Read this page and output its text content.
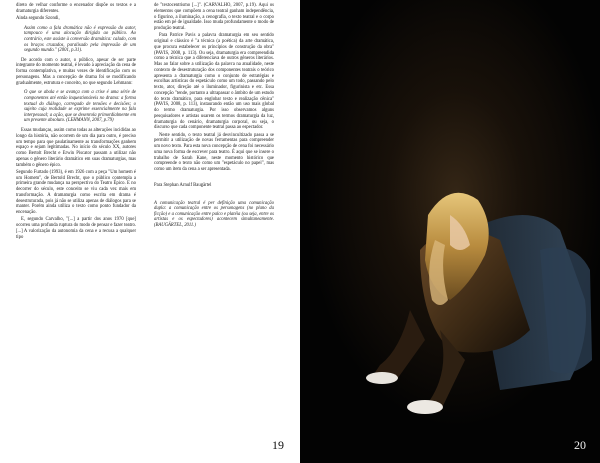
direto de velhar conforme o encenador dispõe os textos e a dramaturgia diferentes.

Ainda segundo Szondi,

Assim como a fala dramática não é expressão do autor, tampouco é uma alocução dirigida ao público. Ao contrário, este assiste à conversão dramática: calado, com os braços cruzados, paralisado pela impressão de um segundo mundo." (2001, p.31).

De acordo com o autor, o público, apesar de ser parte integrante do momento teatral, é levado à apreciação da cena de forma contemplativa, e muitas vezes de identificação com os personagens. Mas a concepção de drama foi se modificando gradualmente, estrutura e conceito, no que segundo Lehmann:

O que se abala e se avança com a crise é uma série de componentes até então inquestionáveis no drama: a forma textual do diálogo, carregado de tensões e decisões; o sujeito cuja realidade se exprime essencialmente na fala interpessoal; a ação, que se desenrola primordialmente em um presente absoluto. (LEHMANN, 2007, p.79)

Essas mudanças, assim como todas as alterações incididas ao longo da história, não ocorrem de um dia para outro, é preciso um tempo para que paulatinamente as transformações ganhem espaço e sejam legitimadas. No início do século XX, autores como Bertolt Brecht e Erwin Piscator passam a utilizar não apenas o gênero literário dramático em suas dramaturgias, mas também o gênero épico.

Segundo Furtado (1993), é em 1926 com a peça "Um homem é um Homem", de Bertold Brecht, que o público contempla a primeira grande mudança na perspectiva do Teatro Épico. E no decorrer do século, este conceito se viu cada vez mais em transformação. A dramaturgia como escrita em drama é desestruturada, pois já não se utiliza apenas de diálogos para se manter. Porém ainda utiliza o texto como ponto fundador da encenação.

E, segundo Carvalho, "[...] a partir dos anos 1970 [que] ocorreu uma profunda ruptura do modo de pensar e fazer teatro. [...] A valorização da autonomia da cena e a recusa a qualquer tipo

de "textocentrismo [...]". (CARVALHO, 2007, p.19). Aqui os elementos que compõem a cena teatral ganham independência, o figurino, a iluminação, a cenografia, o texto teatral e o corpo estão em pé de igualdade. Isso muda profundamente o modo de produção teatral.

Para Patrice Pavis a palavra dramaturgia em seu sentido original e clássico é "a técnica (a poética) da arte dramática, que procura estabelecer os princípios de construção da obra" (PAVIS, 2008, p. 113). Ou seja, dramaturgia era compreendida como a técnica que a diferenciava de outros gêneros literários. Mas ao falar sobre a utilização da palavra na atualidade, neste contexto de desestruturação dos componentes teatrais o teórico apresenta a dramaturgia como o conjunto de estratégias e escolhas artísticas do espetáculo como um todo, passando pelo texto, ator, direção até o iluminador, figurinista e etc. Essa concepção "tende, portanto a ultrapassar o âmbito de um estudo do texto dramático, para englobar texto e realização cênica" (PAVIS, 2008, p. 113), instaurando então um uso mais global do termo dramaturgia. Por isso observamos alguns pesquisadores e artistas usarem os termos dramaturgia da luz, dramaturgia do cenário, dramaturgia corporal, ou seja, o discurso que cada componente teatral passa ao espectador.

Neste sentido, o texto teatral já desvincultizado passa a se permitir a utilização de novas ferramentas para compreender um novo texto. Para esta nova concepção de cena foi necessário uma nova forma de escrever para teatro. É aqui que se insere o trabalho de Sarah Kane, neste momento histórico que compreende o texto não como um "espetáculo no papel", mas como um item da cena a ser apresentada.

Para Stephan Arnulf Baugärtel

A comunicação teatral é per definição uma comunicação dupla: a comunicação entre os personagens (no plano da ficção) e a comunicação entre palco e platéia (ou seja, entre os artistas e os espectadores) acontecem simultaneamente. (BAUGÄRTEL, 2011.)

19	20
